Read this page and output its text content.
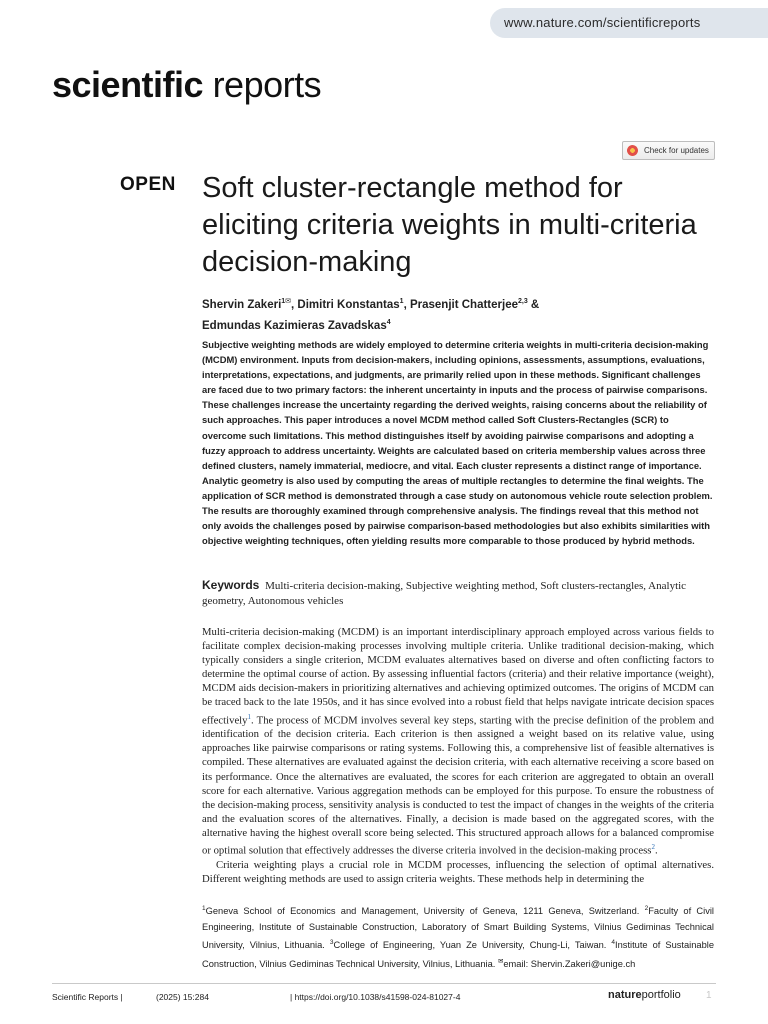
www.nature.com/scientificreports
scientific reports
Check for updates
OPEN Soft cluster-rectangle method for eliciting criteria weights in multi-criteria decision-making
Shervin Zakeri$^{1✉}$, Dimitri Konstantas$^1$, Prasenjit Chatterjee$^{2,3}$ &
Edmundas Kazimieras Zavadskas$^4$

Subjective weighting methods are widely employed to determine criteria weights in multi-criteria decision-making (MCDM) environment. Inputs from decision-makers, including opinions, assessments, assumptions, evaluations, interpretations, expectations, and judgments, are primarily relied upon in these methods. Significant challenges are faced due to two primary factors: the inherent uncertainty in inputs and the process of pairwise comparisons. These challenges increase the uncertainty regarding the derived weights, raising concerns about the reliability of such approaches. This paper introduces a novel MCDM method called Soft Clusters-Rectangles (SCR) to overcome such limitations. This method distinguishes itself by avoiding pairwise comparisons and adopting a fuzzy approach to address uncertainty. Weights are calculated based on criteria membership values across three defined clusters, namely immaterial, mediocre, and vital. Each cluster represents a distinct range of importance. Analytic geometry is also used by computing the areas of multiple rectangles to determine the final weights. The application of SCR method is demonstrated through a case study on autonomous vehicle route selection problem. The results are thoroughly examined through comprehensive analysis. The findings reveal that this method not only avoids the challenges posed by pairwise comparison-based methodologies but also exhibits similarities with objective weighting techniques, often yielding results more comparable to those produced by hybrid methods.

Keywords Multi-criteria decision-making, Subjective weighting method, Soft clusters-rectangles, Analytic geometry, Autonomous vehicles

Multi-criteria decision-making (MCDM) is an important interdisciplinary approach employed across various fields to facilitate complex decision-making processes involving multiple criteria. Unlike traditional decision-making, which typically considers a single criterion, MCDM evaluates alternatives based on diverse and often conflicting factors to determine the optimal course of action. By assessing influential factors (criteria) and their relative importance (weight), MCDM aids decision-makers in prioritizing alternatives and achieving optimized outcomes. The origins of MCDM can be traced back to the late 1950s, and it has since evolved into a robust field that helps navigate intricate decision spaces effectively$^1$. The process of MCDM involves several key steps, starting with the precise definition of the problem and identification of the decision criteria. Each criterion is then assigned a weight based on its relative value, using approaches like pairwise comparisons or rating systems. Following this, a comprehensive list of feasible alternatives is compiled. These alternatives are evaluated against the decision criteria, with each alternative receiving a score based on its performance. Once the alternatives are evaluated, the scores for each criterion are aggregated to obtain an overall score for each alternative. Various aggregation methods can be employed for this purpose. To ensure the robustness of the decision-making process, sensitivity analysis is conducted to test the impact of changes in the weights of the criteria and the evaluation scores of the alternatives. Finally, a decision is made based on the aggregated scores, with the alternative having the highest overall score being selected. This structured approach allows for a balanced compromise or optimal solution that effectively addresses the diverse criteria involved in the decision-making process$^2$.

Criteria weighting plays a crucial role in MCDM processes, influencing the selection of optimal alternatives. Different weighting methods are used to assign criteria weights. These methods help in determining the

$^1$Geneva School of Economics and Management, University of Geneva, 1211 Geneva, Switzerland. $^2$Faculty of Civil Engineering, Institute of Sustainable Construction, Laboratory of Smart Building Systems, Vilnius Gediminas Technical University, Vilnius, Lithuania. $^3$College of Engineering, Yuan Ze University, Chung-Li, Taiwan. $^4$Institute of Sustainable Construction, Vilnius Gediminas Technical University, Vilnius, Lithuania. ✉email: Shervin.Zakeri@unige.ch
Scientific Reports |	(2025) 15:284	| https://doi.org/10.1038/s41598-024-81027-4	natureportfolio	1
